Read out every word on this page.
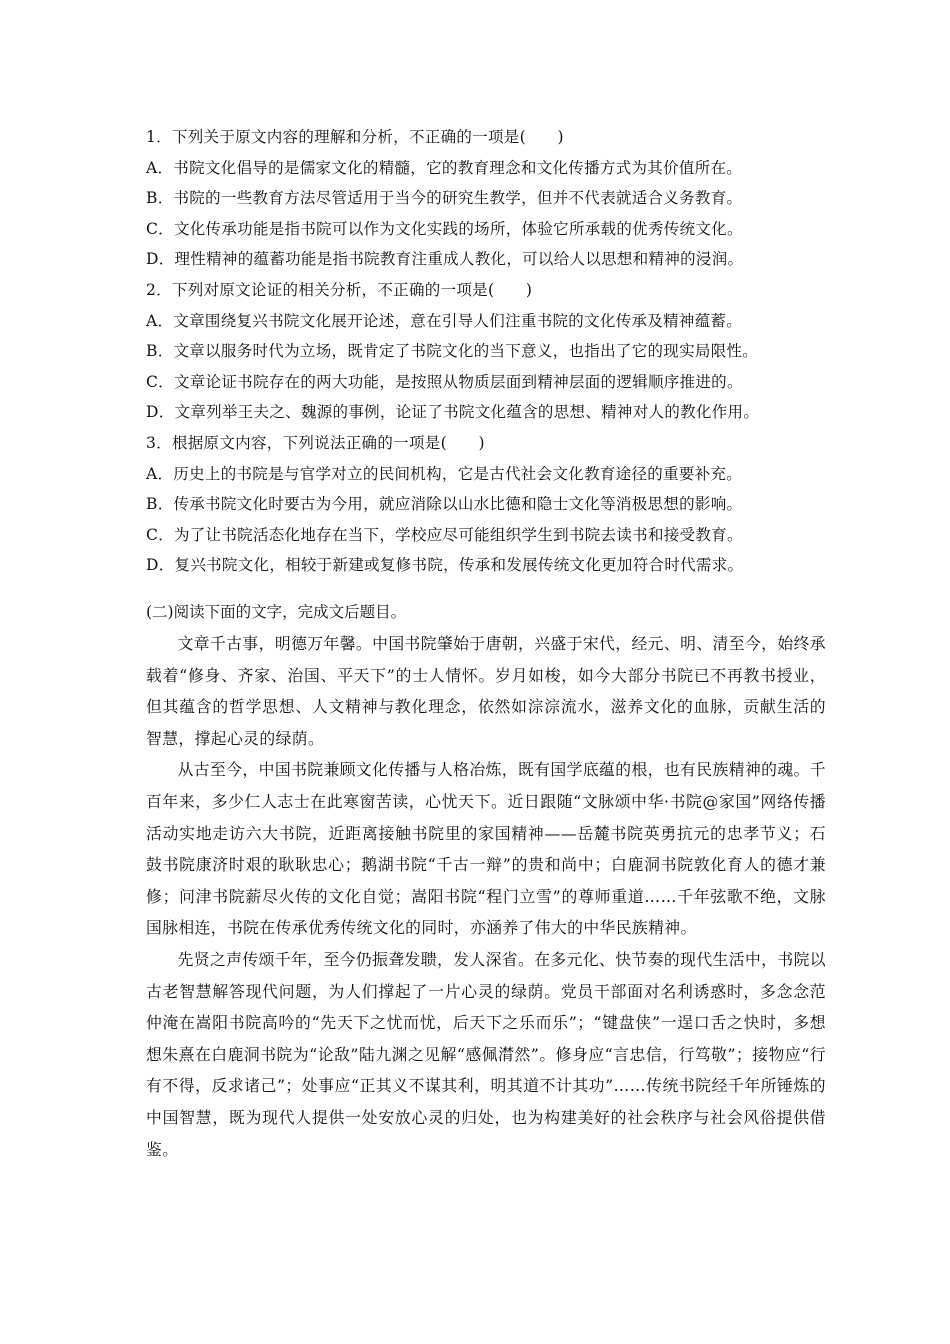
1．下列关于原文内容的理解和分析，不正确的一项是(　　)
A．书院文化倡导的是儒家文化的精髓，它的教育理念和文化传播方式为其价值所在。
B．书院的一些教育方法尽管适用于当今的研究生教学，但并不代表就适合义务教育。
C．文化传承功能是指书院可以作为文化实践的场所，体验它所承载的优秀传统文化。
D．理性精神的蕴蓄功能是指书院教育注重成人教化，可以给人以思想和精神的浸润。
2．下列对原文论证的相关分析，不正确的一项是(　　)
A．文章围绕复兴书院文化展开论述，意在引导人们注重书院的文化传承及精神蕴蓄。
B．文章以服务时代为立场，既肯定了书院文化的当下意义，也指出了它的现实局限性。
C．文章论证书院存在的两大功能，是按照从物质层面到精神层面的逻辑顺序推进的。
D．文章列举王夫之、魏源的事例，论证了书院文化蕴含的思想、精神对人的教化作用。
3．根据原文内容，下列说法正确的一项是(　　)
A．历史上的书院是与官学对立的民间机构，它是古代社会文化教育途径的重要补充。
B．传承书院文化时要古为今用，就应消除以山水比德和隐士文化等消极思想的影响。
C．为了让书院活态化地存在当下，学校应尽可能组织学生到书院去读书和接受教育。
D．复兴书院文化，相较于新建或复修书院，传承和发展传统文化更加符合时代需求。
(二)阅读下面的文字，完成文后题目。

文章千古事，明德万年馨。中国书院肇始于唐朝，兴盛于宋代，经元、明、清至今，始终承载着“修身、齐家、治国、平天下”的士人情怀。岁月如梭，如今大部分书院已不再教书授业，但其蕴含的哲学思想、人文精神与教化理念，依然如淙淙流水，滋养文化的血脉，贡献生活的智慧，撑起心灵的绿荫。

从古至今，中国书院兼顾文化传播与人格冶炼，既有国学底蕴的根，也有民族精神的魂。千百年来，多少仁人志士在此寒窗苦读，心忧天下。近日跟随“文脉颂中华·书院@家国”网络传播活动实地走访六大书院，近距离接触书院里的家国精神——岳麓书院英勇抗元的忠孝节义；石鼓书院康济时艰的耿耿忠心；鹅湖书院“千古一辩”的贵和尚中；白鹿洞书院敦化育人的德才兼修；问津书院薪尽火传的文化自觉；嵩阳书院“程门立雪”的尊师重道……千年弦歌不绝，文脉国脉相连，书院在传承优秀传统文化的同时，亦涵养了伟大的中华民族精神。

先贤之声传颂千年，至今仍振聋发聩，发人深省。在多元化、快节奏的现代生活中，书院以古老智慧解答现代问题，为人们撑起了一片心灵的绿荫。党员干部面对名利诱惑时，多念念范仲淹在嵩阳书院高吟的“先天下之忧而忧，后天下之乐而乐”；“键盘侠”一逞口舌之快时，多想想朱熹在白鹿洞书院为“论敌”陆九渊之见解“感佩潸然”。修身应“言忠信，行笃敬”；接物应“行有不得，反求诸己”；处事应“正其义不谋其利，明其道不计其功”……传统书院经千年所锤炼的中国智慧，既为现代人提供一处安放心灵的归处，也为构建美好的社会秩序与社会风俗提供借鉴。
